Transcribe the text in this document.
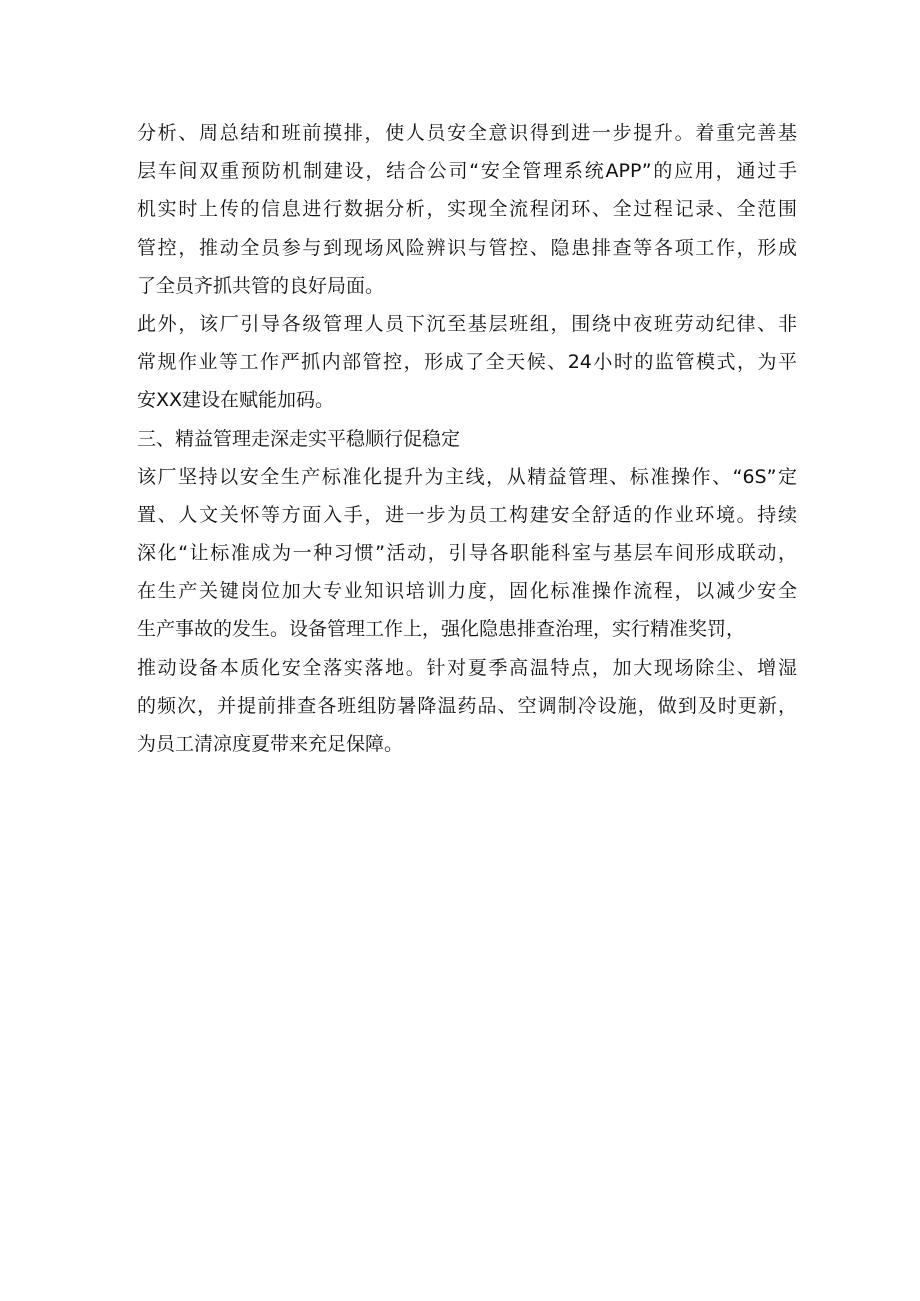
分析、周总结和班前摸排，使人员安全意识得到进一步提升。着重完善基

层车间双重预防机制建设，结合公司“安全管理系统APP”的应用，通过手

机实时上传的信息进行数据分析，实现全流程闭环、全过程记录、全范围

管控，推动全员参与到现场风险辨识与管控、隐患排查等各项工作，形成

了全员齐抓共管的良好局面。

此外，该厂引导各级管理人员下沉至基层班组，围绕中夜班劳动纪律、非

常规作业等工作严抓内部管控，形成了全天候、24小时的监管模式，为平

安XX建设在赋能加码。

三、精益管理走深走实平稳顺行促稳定

该厂坚持以安全生产标准化提升为主线，从精益管理、标准操作、“6S”定

置、人文关怀等方面入手，进一步为员工构建安全舒适的作业环境。持续

深化“让标准成为一种习惯”活动，引导各职能科室与基层车间形成联动，

在生产关键岗位加大专业知识培训力度，固化标准操作流程，以减少安全

生产事故的发生。设备管理工作上，强化隐患排查治理，实行精准奖罚，

推动设备本质化安全落实落地。针对夏季高温特点，加大现场除尘、增湿

的频次，并提前排查各班组防暑降温药品、空调制冷设施，做到及时更新，

为员工清凉度夏带来充足保障。
